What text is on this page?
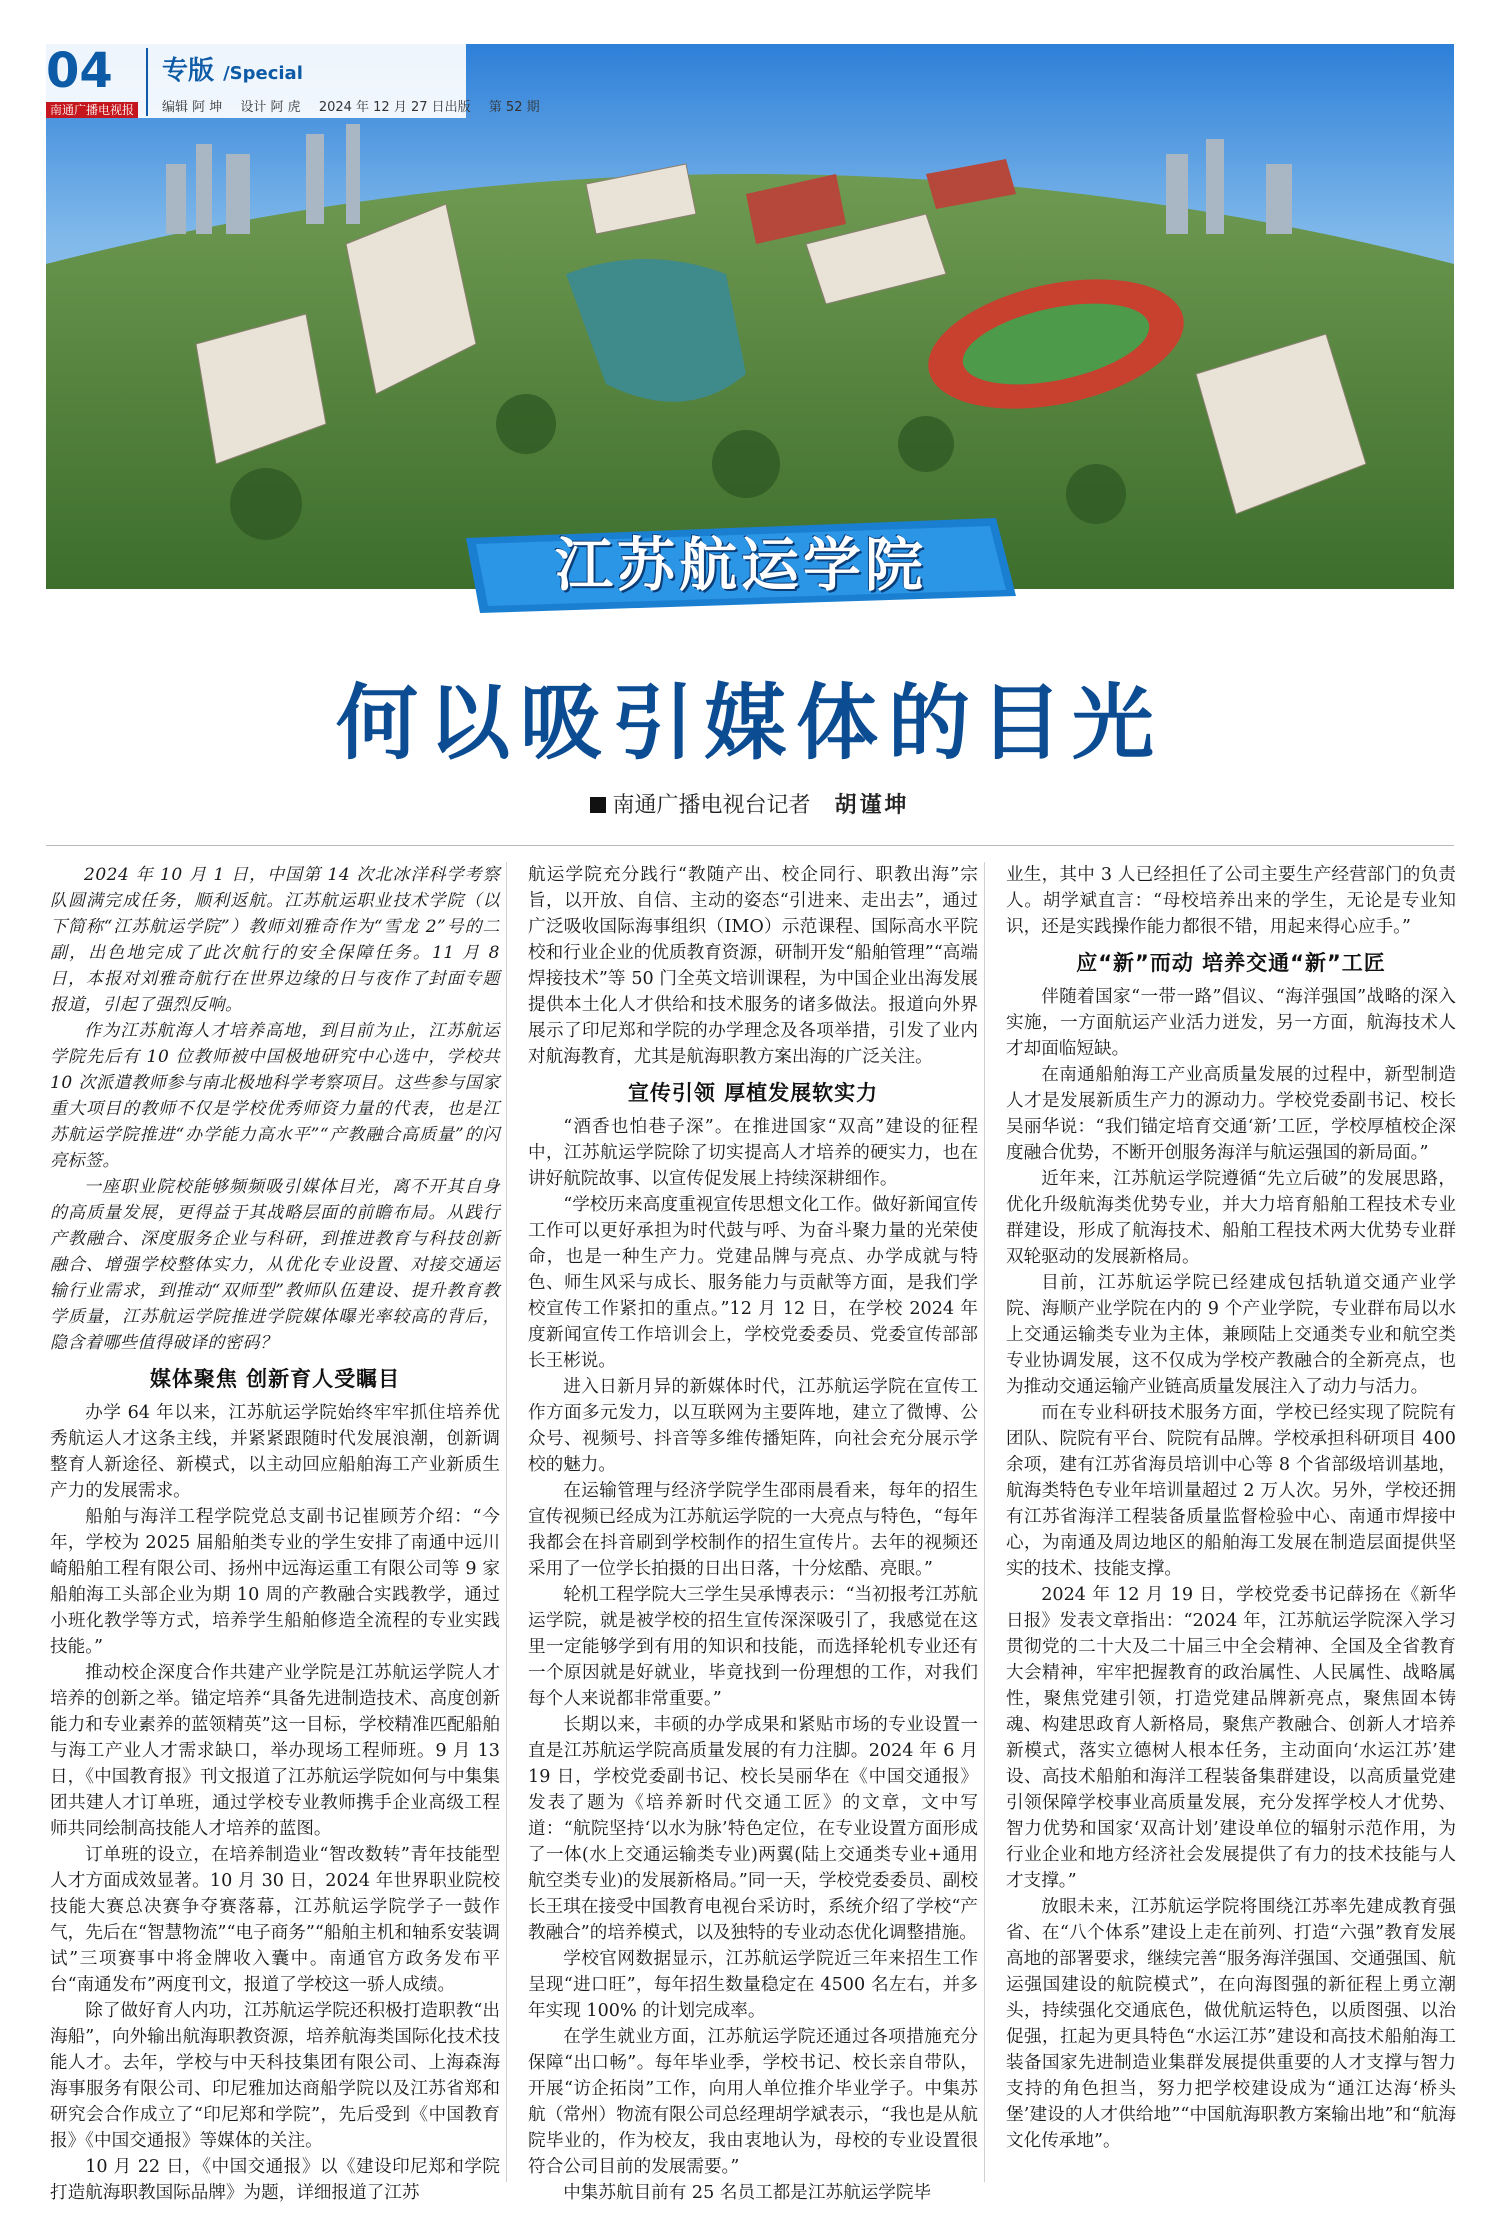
04
南通广播电视报
专版 /Special
编辑 阿 坤 设计 阿 虎 2024 年 12 月 27 日出版 第 52 期
江苏航运学院
何以吸引媒体的目光
南通广播电视台记者 胡谨坤

2024 年 10 月 1 日，中国第 14 次北冰洋科学考察队圆满完成任务，顺利返航。江苏航运职业技术学院（以下简称“江苏航运学院”）教师刘雅奇作为“雪龙 2”号的二副，出色地完成了此次航行的安全保障任务。11 月 8 日，本报对刘雅奇航行在世界边缘的日与夜作了封面专题报道，引起了强烈反响。

作为江苏航海人才培养高地，到目前为止，江苏航运学院先后有 10 位教师被中国极地研究中心选中，学校共 10 次派遣教师参与南北极地科学考察项目。这些参与国家重大项目的教师不仅是学校优秀师资力量的代表，也是江苏航运学院推进“办学能力高水平”“产教融合高质量”的闪亮标签。

一座职业院校能够频频吸引媒体目光，离不开其自身的高质量发展，更得益于其战略层面的前瞻布局。从践行产教融合、深度服务企业与科研，到推进教育与科技创新融合、增强学校整体实力，从优化专业设置、对接交通运输行业需求，到推动“双师型”教师队伍建设、提升教育教学质量，江苏航运学院推进学院媒体曝光率较高的背后，隐含着哪些值得破译的密码？

媒体聚焦 创新育人受瞩目

办学 64 年以来，江苏航运学院始终牢牢抓住培养优秀航运人才这条主线，并紧紧跟随时代发展浪潮，创新调整育人新途径、新模式，以主动回应船舶海工产业新质生产力的发展需求。

船舶与海洋工程学院党总支副书记崔顾芳介绍：“今年，学校为 2025 届船舶类专业的学生安排了南通中远川崎船舶工程有限公司、扬州中远海运重工有限公司等 9 家船舶海工头部企业为期 10 周的产教融合实践教学，通过小班化教学等方式，培养学生船舶修造全流程的专业实践技能。”

推动校企深度合作共建产业学院是江苏航运学院人才培养的创新之举。锚定培养“具备先进制造技术、高度创新能力和专业素养的蓝领精英”这一目标，学校精准匹配船舶与海工产业人才需求缺口，举办现场工程师班。9 月 13 日，《中国教育报》刊文报道了江苏航运学院如何与中集集团共建人才订单班，通过学校专业教师携手企业高级工程师共同绘制高技能人才培养的蓝图。

订单班的设立，在培养制造业“智改数转”青年技能型人才方面成效显著。10 月 30 日，2024 年世界职业院校技能大赛总决赛争夺赛落幕，江苏航运学院学子一鼓作气，先后在“智慧物流”“电子商务”“船舶主机和轴系安装调试”三项赛事中将金牌收入囊中。南通官方政务发布平台“南通发布”两度刊文，报道了学校这一骄人成绩。

除了做好育人内功，江苏航运学院还积极打造职教“出海船”，向外输出航海职教资源，培养航海类国际化技术技能人才。去年，学校与中天科技集团有限公司、上海森海海事服务有限公司、印尼雅加达商船学院以及江苏省郑和研究会合作成立了“印尼郑和学院”，先后受到《中国教育报》《中国交通报》等媒体的关注。

10 月 22 日，《中国交通报》以《建设印尼郑和学院打造航海职教国际品牌》为题，详细报道了江苏

航运学院充分践行“教随产出、校企同行、职教出海”宗旨，以开放、自信、主动的姿态“引进来、走出去”，通过广泛吸收国际海事组织（IMO）示范课程、国际高水平院校和行业企业的优质教育资源，研制开发“船舶管理”“高端焊接技术”等 50 门全英文培训课程，为中国企业出海发展提供本土化人才供给和技术服务的诸多做法。报道向外界展示了印尼郑和学院的办学理念及各项举措，引发了业内对航海教育，尤其是航海职教方案出海的广泛关注。

宣传引领 厚植发展软实力

“酒香也怕巷子深”。在推进国家“双高”建设的征程中，江苏航运学院除了切实提高人才培养的硬实力，也在讲好航院故事、以宣传促发展上持续深耕细作。

“学校历来高度重视宣传思想文化工作。做好新闻宣传工作可以更好承担为时代鼓与呼、为奋斗聚力量的光荣使命，也是一种生产力。党建品牌与亮点、办学成就与特色、师生风采与成长、服务能力与贡献等方面，是我们学校宣传工作紧扣的重点。”12 月 12 日，在学校 2024 年度新闻宣传工作培训会上，学校党委委员、党委宣传部部长王彬说。

进入日新月异的新媒体时代，江苏航运学院在宣传工作方面多元发力，以互联网为主要阵地，建立了微博、公众号、视频号、抖音等多维传播矩阵，向社会充分展示学校的魅力。

在运输管理与经济学院学生邵雨晨看来，每年的招生宣传视频已经成为江苏航运学院的一大亮点与特色，“每年我都会在抖音刷到学校制作的招生宣传片。去年的视频还采用了一位学长拍摄的日出日落，十分炫酷、亮眼。”

轮机工程学院大三学生吴承博表示：“当初报考江苏航运学院，就是被学校的招生宣传深深吸引了，我感觉在这里一定能够学到有用的知识和技能，而选择轮机专业还有一个原因就是好就业，毕竟找到一份理想的工作，对我们每个人来说都非常重要。”

长期以来，丰硕的办学成果和紧贴市场的专业设置一直是江苏航运学院高质量发展的有力注脚。2024 年 6 月 19 日，学校党委副书记、校长吴丽华在《中国交通报》发表了题为《培养新时代交通工匠》的文章，文中写道：“航院坚持‘以水为脉’特色定位，在专业设置方面形成了一体(水上交通运输类专业)两翼(陆上交通类专业+通用航空类专业)的发展新格局。”同一天，学校党委委员、副校长王琪在接受中国教育电视台采访时，系统介绍了学校“产教融合”的培养模式，以及独特的专业动态优化调整措施。

学校官网数据显示，江苏航运学院近三年来招生工作呈现“进口旺”，每年招生数量稳定在 4500 名左右，并多年实现 100% 的计划完成率。

在学生就业方面，江苏航运学院还通过各项措施充分保障“出口畅”。每年毕业季，学校书记、校长亲自带队，开展“访企拓岗”工作，向用人单位推介毕业学子。中集苏航（常州）物流有限公司总经理胡学斌表示，“我也是从航院毕业的，作为校友，我由衷地认为，母校的专业设置很符合公司目前的发展需要。”

中集苏航目前有 25 名员工都是江苏航运学院毕

业生，其中 3 人已经担任了公司主要生产经营部门的负责人。胡学斌直言：“母校培养出来的学生，无论是专业知识，还是实践操作能力都很不错，用起来得心应手。”

应“新”而动 培养交通“新”工匠

伴随着国家“一带一路”倡议、“海洋强国”战略的深入实施，一方面航运产业活力迸发，另一方面，航海技术人才却面临短缺。

在南通船舶海工产业高质量发展的过程中，新型制造人才是发展新质生产力的源动力。学校党委副书记、校长吴丽华说：“我们锚定培育交通‘新’工匠，学校厚植校企深度融合优势，不断开创服务海洋与航运强国的新局面。”

近年来，江苏航运学院遵循“先立后破”的发展思路，优化升级航海类优势专业，并大力培育船舶工程技术专业群建设，形成了航海技术、船舶工程技术两大优势专业群双轮驱动的发展新格局。

目前，江苏航运学院已经建成包括轨道交通产业学院、海顺产业学院在内的 9 个产业学院，专业群布局以水上交通运输类专业为主体，兼顾陆上交通类专业和航空类专业协调发展，这不仅成为学校产教融合的全新亮点，也为推动交通运输产业链高质量发展注入了动力与活力。

而在专业科研技术服务方面，学校已经实现了院院有团队、院院有平台、院院有品牌。学校承担科研项目 400 余项，建有江苏省海员培训中心等 8 个省部级培训基地，航海类特色专业年培训量超过 2 万人次。另外，学校还拥有江苏省海洋工程装备质量监督检验中心、南通市焊接中心，为南通及周边地区的船舶海工发展在制造层面提供坚实的技术、技能支撑。

2024 年 12 月 19 日，学校党委书记薛扬在《新华日报》发表文章指出：“2024 年，江苏航运学院深入学习贯彻党的二十大及二十届三中全会精神、全国及全省教育大会精神，牢牢把握教育的政治属性、人民属性、战略属性，聚焦党建引领，打造党建品牌新亮点，聚焦固本铸魂、构建思政育人新格局，聚焦产教融合、创新人才培养新模式，落实立德树人根本任务，主动面向‘水运江苏’建设、高技术船舶和海洋工程装备集群建设，以高质量党建引领保障学校事业高质量发展，充分发挥学校人才优势、智力优势和国家‘双高计划’建设单位的辐射示范作用，为行业企业和地方经济社会发展提供了有力的技术技能与人才支撑。”

放眼未来，江苏航运学院将围绕江苏率先建成教育强省、在“八个体系”建设上走在前列、打造“六强”教育发展高地的部署要求，继续完善“服务海洋强国、交通强国、航运强国建设的航院模式”，在向海图强的新征程上勇立潮头，持续强化交通底色，做优航运特色，以质图强、以治促强，扛起为更具特色“水运江苏”建设和高技术船舶海工装备国家先进制造业集群发展提供重要的人才支撑与智力支持的角色担当，努力把学校建设成为“通江达海‘桥头堡’建设的人才供给地”“中国航海职教方案输出地”和“航海文化传承地”。
